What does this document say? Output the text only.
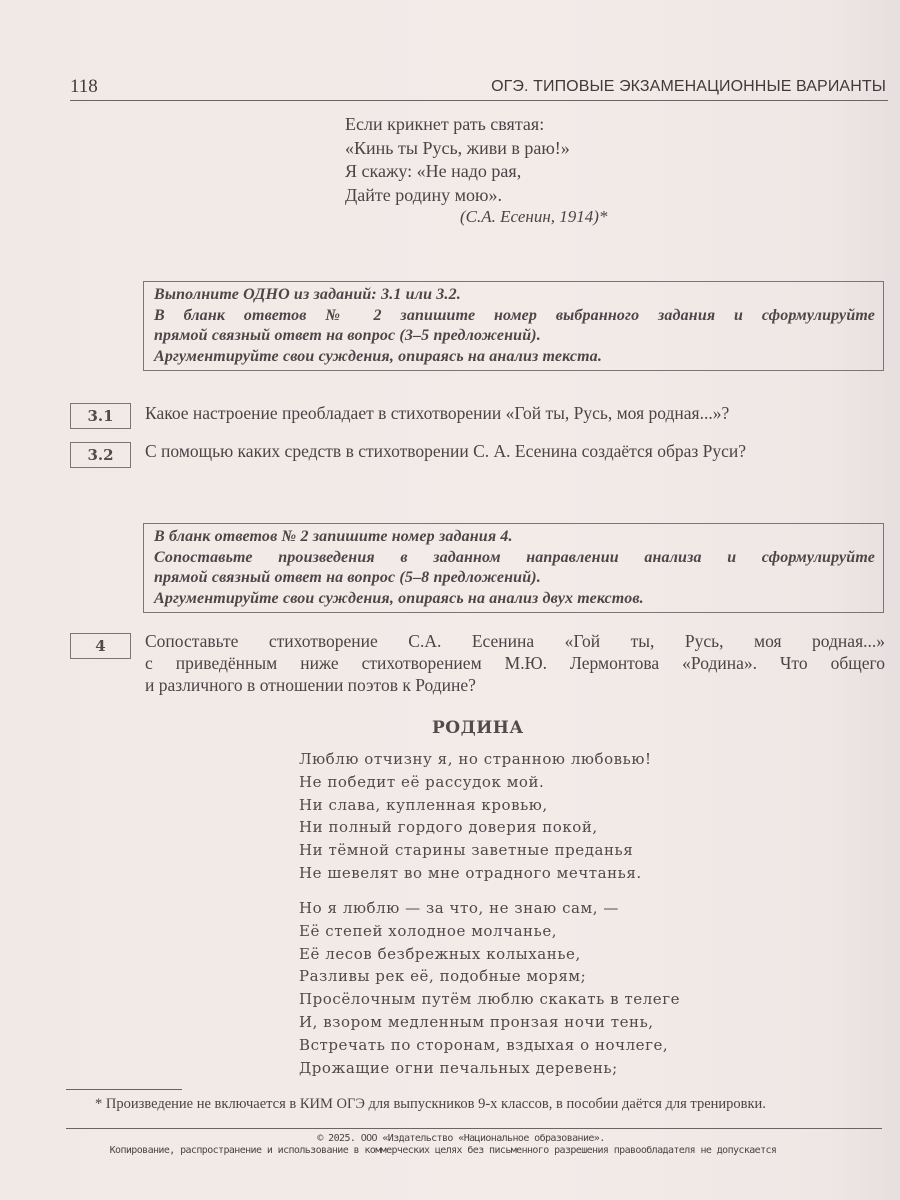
118	ОГЭ. ТИПОВЫЕ ЭКЗАМЕНАЦИОННЫЕ ВАРИАНТЫ
Если крикнет рать святая:
«Кинь ты Русь, живи в раю!»
Я скажу: «Не надо рая,
Дайте родину мою».
(С.А. Есенин, 1914)*
Выполните ОДНО из заданий: 3.1 или 3.2.
В бланк ответов № 2 запишите номер выбранного задания и сформулируйте
прямой связный ответ на вопрос (3–5 предложений).
Аргументируйте свои суждения, опираясь на анализ текста.
3.1	Какое настроение преобладает в стихотворении «Гой ты, Русь, моя родная...»?
3.2	С помощью каких средств в стихотворении С. А. Есенина создаётся образ Руси?
В бланк ответов № 2 запишите номер задания 4.
Сопоставьте произведения в заданном направлении анализа и сформулируйте
прямой связный ответ на вопрос (5–8 предложений).
Аргументируйте свои суждения, опираясь на анализ двух текстов.
4	Сопоставьте стихотворение С.А. Есенина «Гой ты, Русь, моя родная...»
с приведённым ниже стихотворением М.Ю. Лермонтова «Родина». Что общего
и различного в отношении поэтов к Родине?
РОДИНА
Люблю отчизну я, но странною любовью!
Не победит её рассудок мой.
Ни слава, купленная кровью,
Ни полный гордого доверия покой,
Ни тёмной старины заветные преданья
Не шевелят во мне отрадного мечтанья.
Но я люблю — за что, не знаю сам, —
Её степей холодное молчанье,
Её лесов безбрежных колыханье,
Разливы рек её, подобные морям;
Просёлочным путём люблю скакать в телеге
И, взором медленным пронзая ночи тень,
Встречать по сторонам, вздыхая о ночлеге,
Дрожащие огни печальных деревень;
* Произведение не включается в КИМ ОГЭ для выпускников 9-х классов, в пособии даётся для тренировки.
© 2025. ООО «Издательство «Национальное образование».
Копирование, распространение и использование в коммерческих целях без письменного разрешения правообладателя не допускается
